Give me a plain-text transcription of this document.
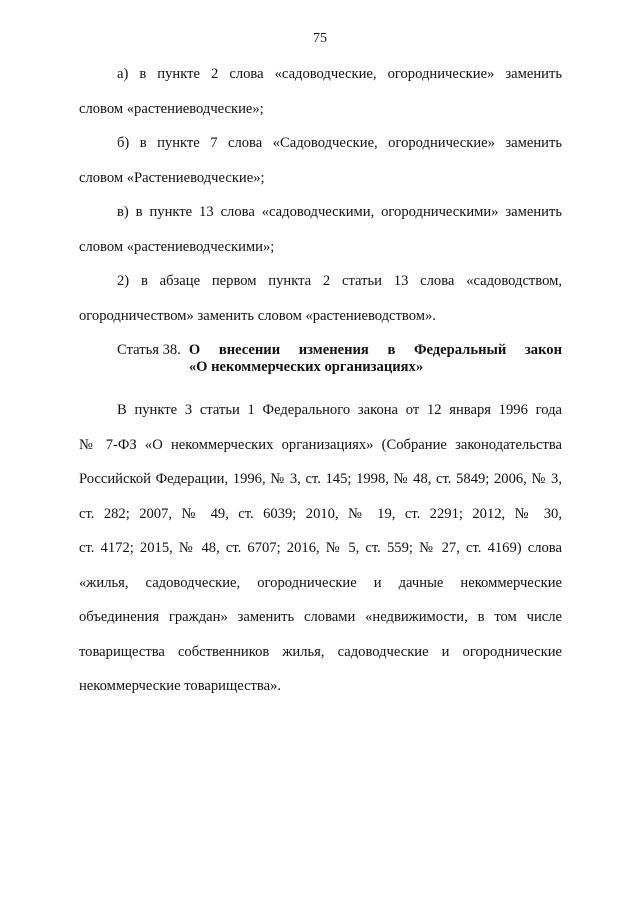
75

а) в пункте 2 слова «садоводческие, огороднические» заменить
словом «растениеводческие»;

б) в пункте 7 слова «Садоводческие, огороднические» заменить
словом «Растениеводческие»;

в) в пункте 13 слова «садоводческими, огородническими» заменить
словом «растениеводческими»;

2) в абзаце первом пункта 2 статьи 13 слова «садоводством,
огородничеством» заменить словом «растениеводством».

Статья 38. О внесении изменения в Федеральный закон
«О некоммерческих организациях»

В пункте 3 статьи 1 Федерального закона от 12 января 1996 года
№ 7-ФЗ «О некоммерческих организациях» (Собрание законодательства
Российской Федерации, 1996, № 3, ст. 145; 1998, № 48, ст. 5849; 2006, № 3,
ст. 282; 2007, № 49, ст. 6039; 2010, № 19, ст. 2291; 2012, № 30,
ст. 4172; 2015, № 48, ст. 6707; 2016, № 5, ст. 559; № 27, ст. 4169) слова
«жилья, садоводческие, огороднические и дачные некоммерческие
объединения граждан» заменить словами «недвижимости, в том числе
товарищества собственников жилья, садоводческие и огороднические
некоммерческие товарищества».
